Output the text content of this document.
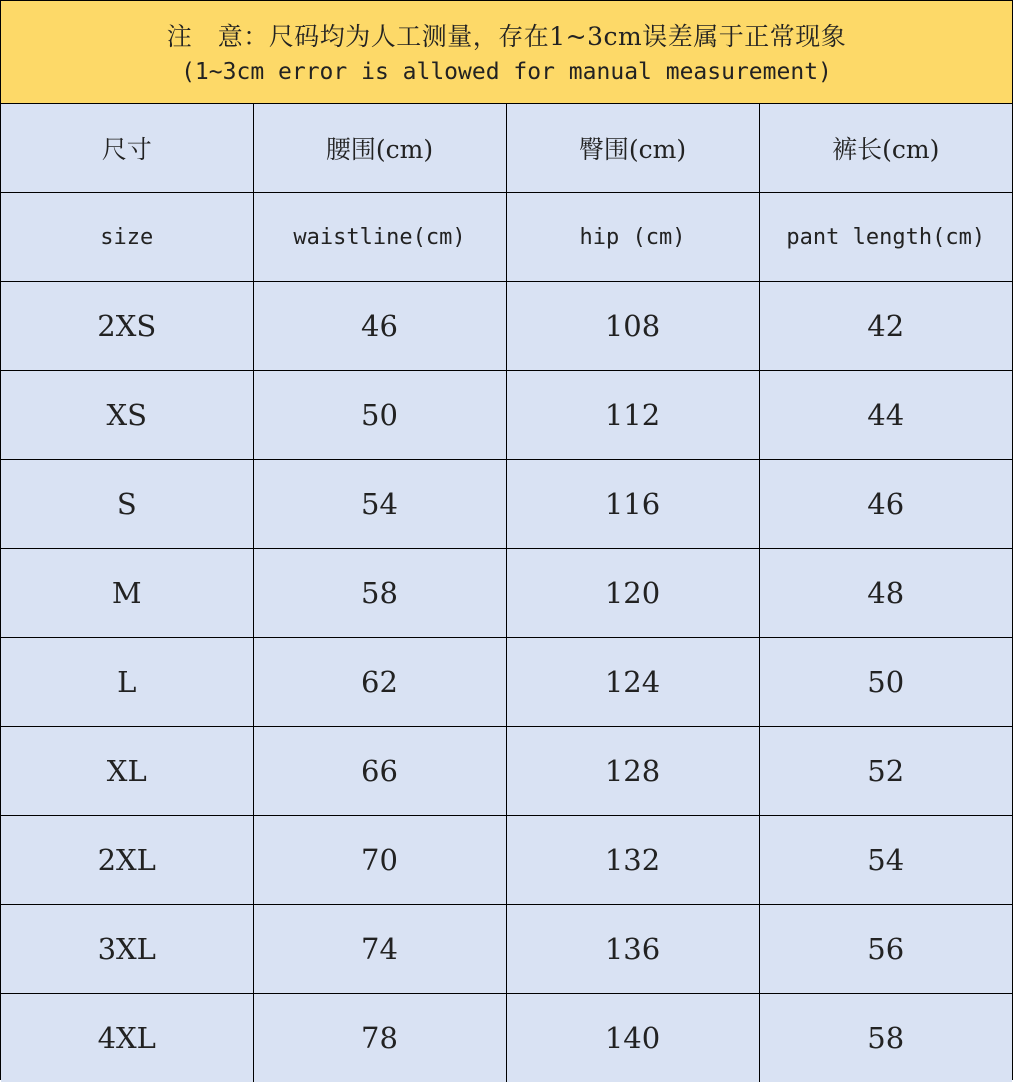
注　意：尺码均为人工测量，存在1~3cm误差属于正常现象
(1~3cm error is allowed for manual measurement)
尺寸	腰围(cm)	臀围(cm)	裤长(cm)
size	waistline(cm)	hip (cm)	pant length(cm)
2XS	46	108	42
XS	50	112	44
S	54	116	46
M	58	120	48
L	62	124	50
XL	66	128	52
2XL	70	132	54
3XL	74	136	56
4XL	78	140	58
